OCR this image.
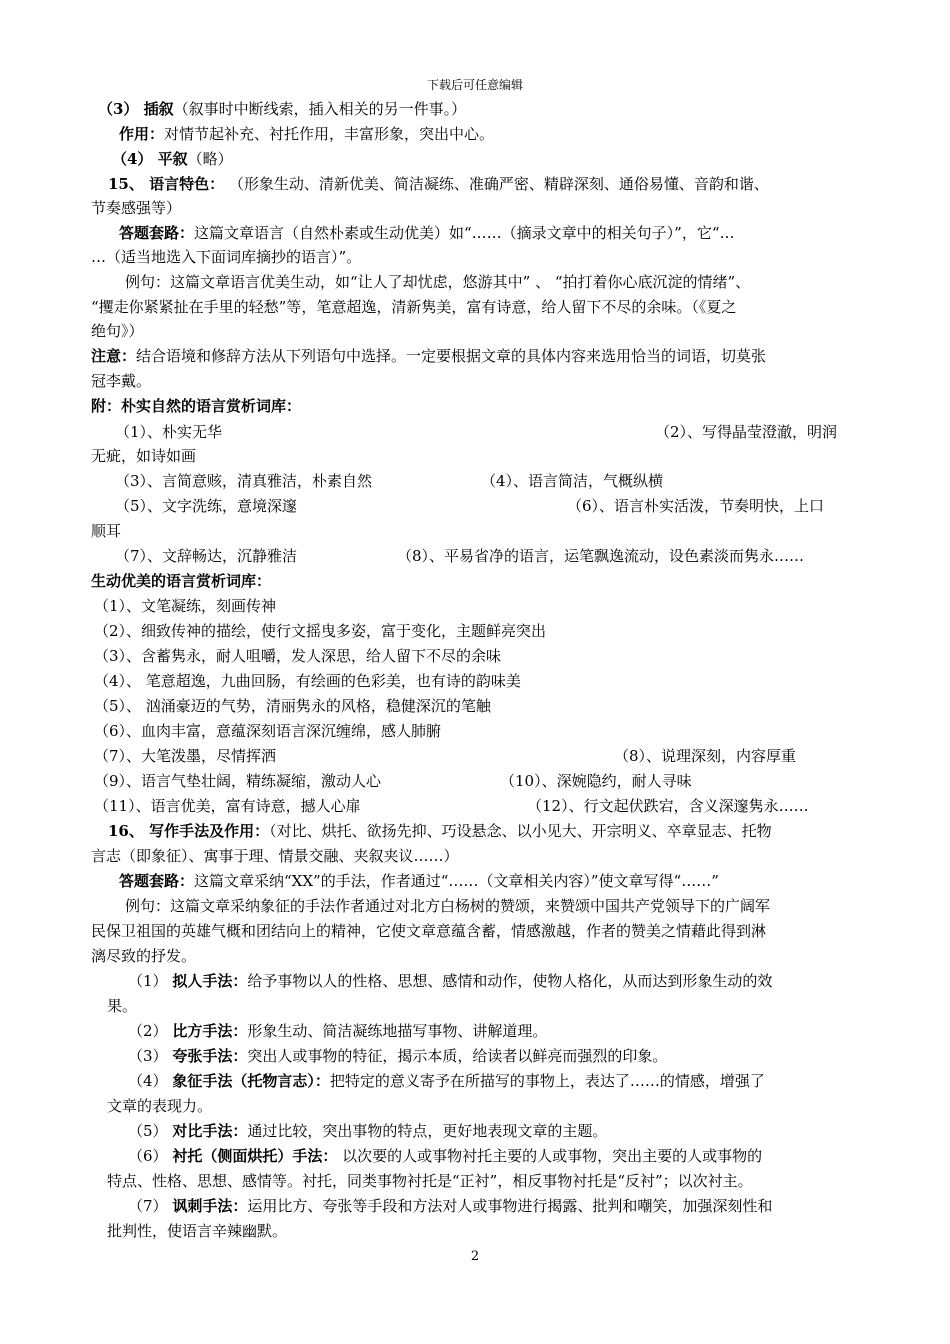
下载后可任意编辑
（3） 插叙（叙事时中断线索，插入相关的另一件事。）
作用：对情节起补充、衬托作用，丰富形象，突出中心。
（4） 平叙（略）
15、 语言特色： （形象生动、清新优美、简洁凝练、准确严密、精辟深刻、通俗易懂、音韵和谐、
节奏感强等）
答题套路：这篇文章语言（自然朴素或生动优美）如“……（摘录文章中的相关句子）”，它“…
…（适当地选入下面词库摘抄的语言）”。
例句：这篇文章语言优美生动，如“让人了却忧虑，悠游其中” 、 “拍打着你心底沉淀的情绪”、
“攫走你紧紧扯在手里的轻愁”等，笔意超逸，清新隽美，富有诗意，给人留下不尽的余味。（《夏之
绝句》）
注意：结合语境和修辞方法从下列语句中选择。一定要根据文章的具体内容来选用恰当的词语，切莫张
冠李戴。
附：朴实自然的语言赏析词库：
（1）、朴实无华	（2）、写得晶莹澄澈，明润
无疵，如诗如画
（3）、言简意赅，清真雅洁，朴素自然	（4）、语言简洁，气概纵横
（5）、文字洗练，意境深邃	（6）、语言朴实活泼，节奏明快，上口
顺耳
（7）、文辞畅达，沉静雅洁	（8）、平易省净的语言，运笔飘逸流动，设色素淡而隽永……
生动优美的语言赏析词库：
（1）、文笔凝练，刻画传神
（2）、细致传神的描绘，使行文摇曳多姿，富于变化，主题鲜亮突出
（3）、含蓄隽永，耐人咀嚼，发人深思，给人留下不尽的余味
（4）、 笔意超逸，九曲回肠，有绘画的色彩美，也有诗的韵味美
（5）、 汹涌豪迈的气势，清丽隽永的风格，稳健深沉的笔触
（6）、血肉丰富，意蕴深刻语言深沉缠绵，感人肺腑
（7）、大笔泼墨，尽情挥洒	（8）、说理深刻，内容厚重
（9）、语言气垫壮阔，精练凝缩，激动人心	（10）、深婉隐约，耐人寻味
（11）、语言优美，富有诗意，撼人心扉	（12）、行文起伏跌宕，含义深邃隽永……
16、 写作手法及作用：（对比、烘托、欲扬先抑、巧设悬念、以小见大、开宗明义、卒章显志、托物
言志（即象征）、寓事于理、情景交融、夹叙夹议……）
答题套路：这篇文章采纳“XX”的手法，作者通过“……（文章相关内容）”使文章写得“……”
例句：这篇文章采纳象征的手法作者通过对北方白杨树的赞颂，来赞颂中国共产党领导下的广阔军
民保卫祖国的英雄气概和团结向上的精神，它使文章意蕴含蓄，情感激越，作者的赞美之情藉此得到淋
漓尽致的抒发。
（1） 拟人手法：给予事物以人的性格、思想、感情和动作，使物人格化，从而达到形象生动的效
果。
（2） 比方手法：形象生动、简洁凝练地描写事物、讲解道理。
（3） 夸张手法：突出人或事物的特征，揭示本质，给读者以鲜亮而强烈的印象。
（4） 象征手法（托物言志）：把特定的意义寄予在所描写的事物上，表达了……的情感，增强了
文章的表现力。
（5） 对比手法：通过比较，突出事物的特点，更好地表现文章的主题。
（6） 衬托（侧面烘托）手法： 以次要的人或事物衬托主要的人或事物，突出主要的人或事物的
特点、性格、思想、感情等。衬托，同类事物衬托是“正衬”，相反事物衬托是“反衬”；以次衬主。
（7） 讽刺手法：运用比方、夸张等手段和方法对人或事物进行揭露、批判和嘲笑，加强深刻性和
批判性，使语言辛辣幽默。
2
